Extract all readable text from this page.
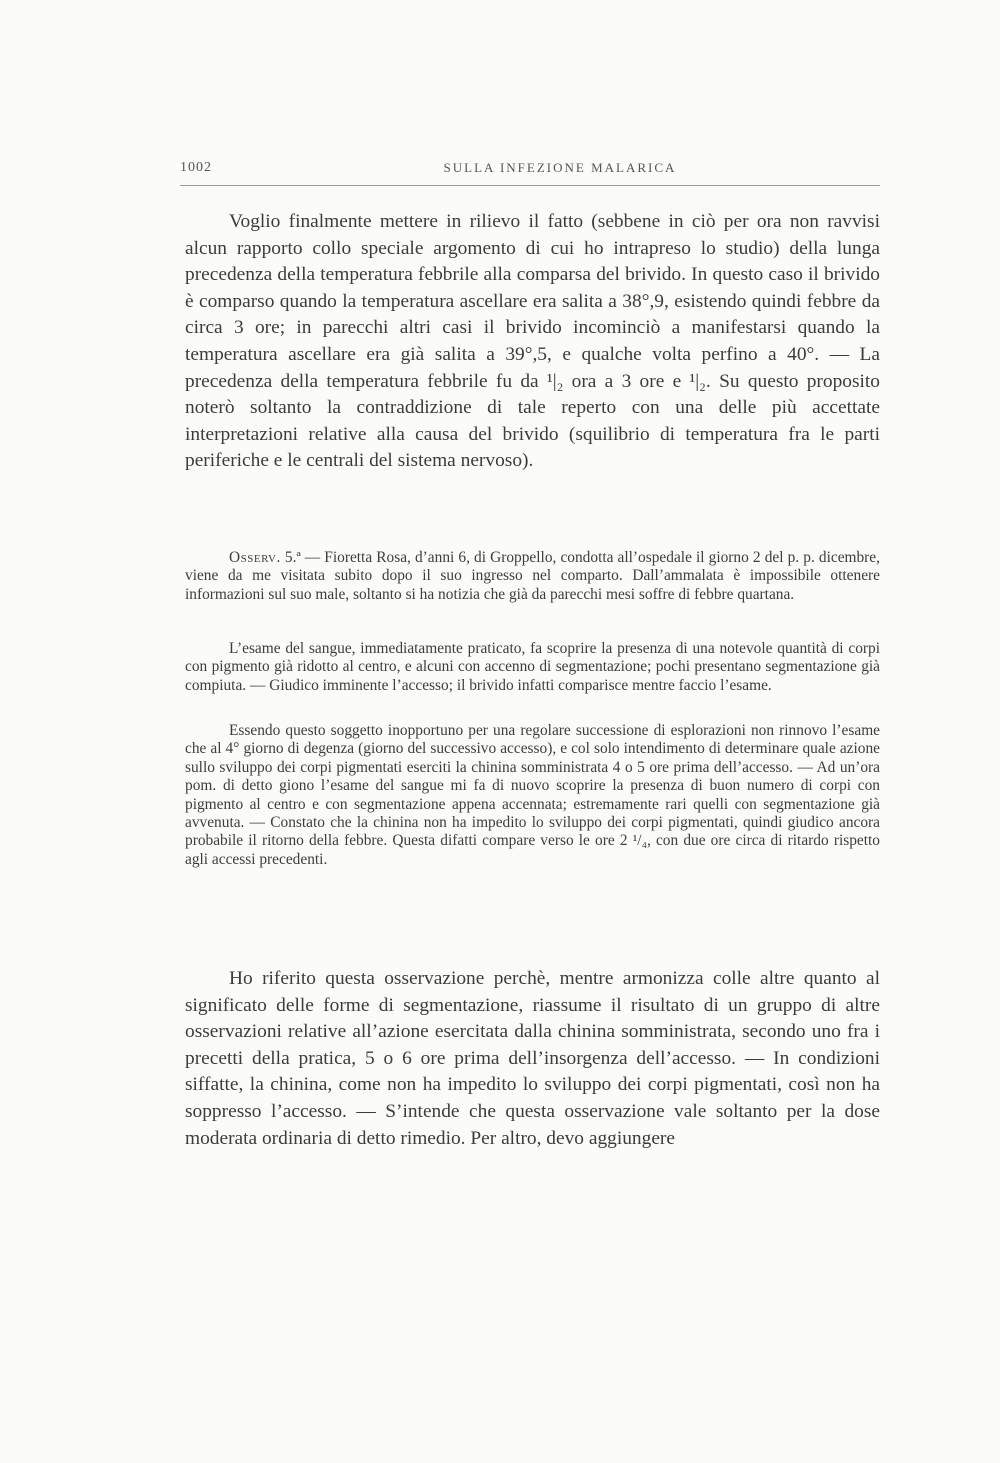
1002	SULLA INFEZIONE MALARICA

Voglio finalmente mettere in rilievo il fatto (sebbene in ciò per ora non ravvisi alcun rapporto collo speciale argomento di cui ho intrapreso lo studio) della lunga precedenza della temperatura febbrile alla comparsa del brivido. In questo caso il brivido è comparso quando la temperatura ascellare era salita a 38°,9, esistendo quindi febbre da circa 3 ore; in parecchi altri casi il brivido incominciò a manifestarsi quando la temperatura ascellare era già salita a 39°,5, e qualche volta perfino a 40°. — La precedenza della temperatura febbrile fu da ¹|₂ ora a 3 ore e ¹|₂. Su questo proposito noterò soltanto la contraddizione di tale reperto con una delle più accettate interpretazioni relative alla causa del brivido (squilibrio di temperatura fra le parti periferiche e le centrali del sistema nervoso).

Osserv. 5.ª — Fioretta Rosa, d’anni 6, di Groppello, condotta all’ospedale il giorno 2 del p. p. dicembre, viene da me visitata subito dopo il suo ingresso nel comparto. Dall’ammalata è impossibile ottenere informazioni sul suo male, soltanto si ha notizia che già da parecchi mesi soffre di febbre quartana.

L’esame del sangue, immediatamente praticato, fa scoprire la presenza di una notevole quantità di corpi con pigmento già ridotto al centro, e alcuni con accenno di segmentazione; pochi presentano segmentazione già compiuta. — Giudico imminente l’accesso; il brivido infatti comparisce mentre faccio l’esame.

Essendo questo soggetto inopportuno per una regolare successione di esplorazioni non rinnovo l’esame che al 4° giorno di degenza (giorno del successivo accesso), e col solo intendimento di determinare quale azione sullo sviluppo dei corpi pigmentati eserciti la chinina somministrata 4 o 5 ore prima dell’accesso. — Ad un’ora pom. di detto giono l’esame del sangue mi fa di nuovo scoprire la presenza di buon numero di corpi con pigmento al centro e con segmentazione appena accennata; estremamente rari quelli con segmentazione già avvenuta. — Constato che la chinina non ha impedito lo sviluppo dei corpi pigmentati, quindi giudico ancora probabile il ritorno della febbre. Questa difatti compare verso le ore 2 ¹/₄, con due ore circa di ritardo rispetto agli accessi precedenti.

Ho riferito questa osservazione perchè, mentre armonizza colle altre quanto al significato delle forme di segmentazione, riassume il risultato di un gruppo di altre osservazioni relative all’azione esercitata dalla chinina somministrata, secondo uno fra i precetti della pratica, 5 o 6 ore prima dell’insorgenza dell’accesso. — In condizioni siffatte, la chinina, come non ha impedito lo sviluppo dei corpi pigmentati, così non ha soppresso l’accesso. — S’intende che questa osservazione vale soltanto per la dose moderata ordinaria di detto rimedio. Per altro, devo aggiungere
